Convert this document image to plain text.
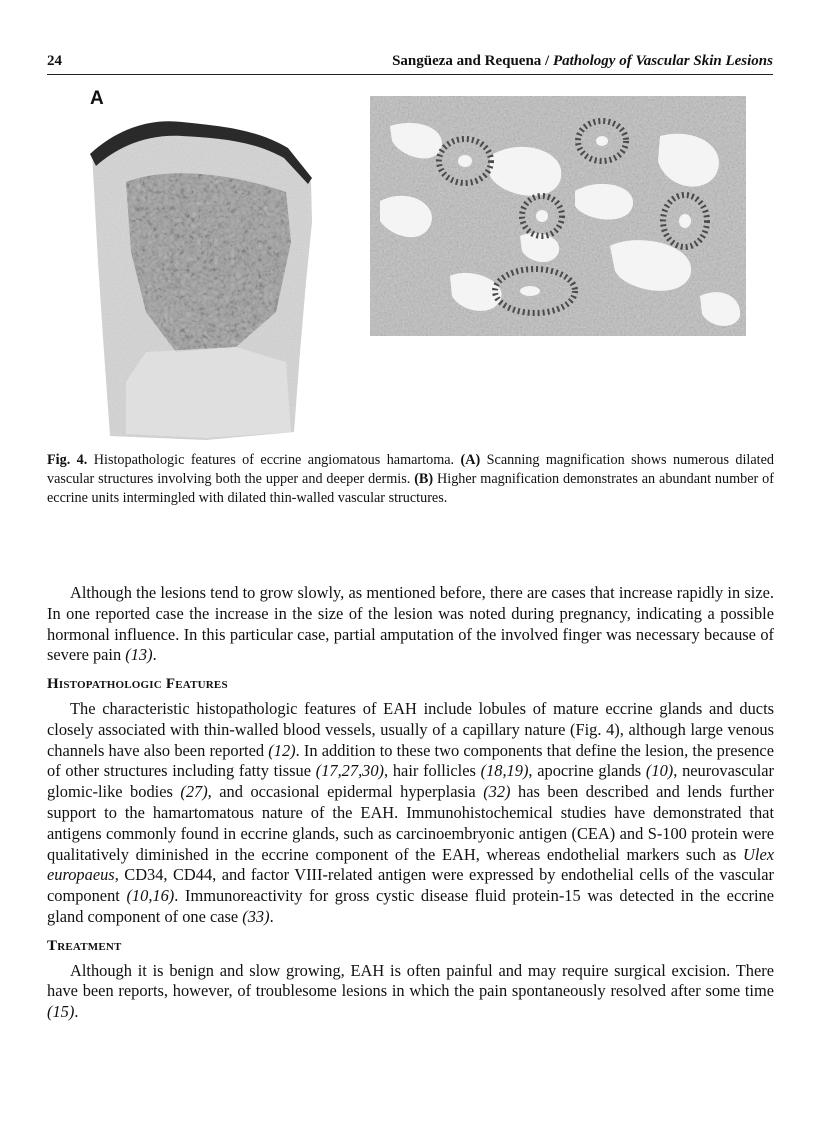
24	Sangüeza and Requena / Pathology of Vascular Skin Lesions
A
Fig. 4. Histopathologic features of eccrine angiomatous hamartoma. (A) Scanning magnification shows numerous dilated vascular structures involving both the upper and deeper dermis. (B) Higher magnification demonstrates an abundant number of eccrine units intermingled with dilated thin-walled vascular structures.

Although the lesions tend to grow slowly, as mentioned before, there are cases that increase rapidly in size. In one reported case the increase in the size of the lesion was noted during pregnancy, indicating a possible hormonal influence. In this particular case, partial amputation of the involved finger was necessary because of severe pain (13).

Histopathologic Features

The characteristic histopathologic features of EAH include lobules of mature eccrine glands and ducts closely associated with thin-walled blood vessels, usually of a capillary nature (Fig. 4), although large venous channels have also been reported (12). In addition to these two components that define the lesion, the presence of other structures including fatty tissue (17,27,30), hair follicles (18,19), apocrine glands (10), neurovascular glomic-like bodies (27), and occasional epidermal hyperplasia (32) has been described and lends further support to the hamartomatous nature of the EAH. Immunohistochemical studies have demonstrated that antigens commonly found in eccrine glands, such as carcinoembryonic antigen (CEA) and S-100 protein were qualitatively diminished in the eccrine component of the EAH, whereas endothelial markers such as Ulex europaeus, CD34, CD44, and factor VIII-related antigen were expressed by endothelial cells of the vascular component (10,16). Immunoreactivity for gross cystic disease fluid protein-15 was detected in the eccrine gland component of one case (33).

Treatment

Although it is benign and slow growing, EAH is often painful and may require surgical excision. There have been reports, however, of troublesome lesions in which the pain spontaneously resolved after some time (15).
